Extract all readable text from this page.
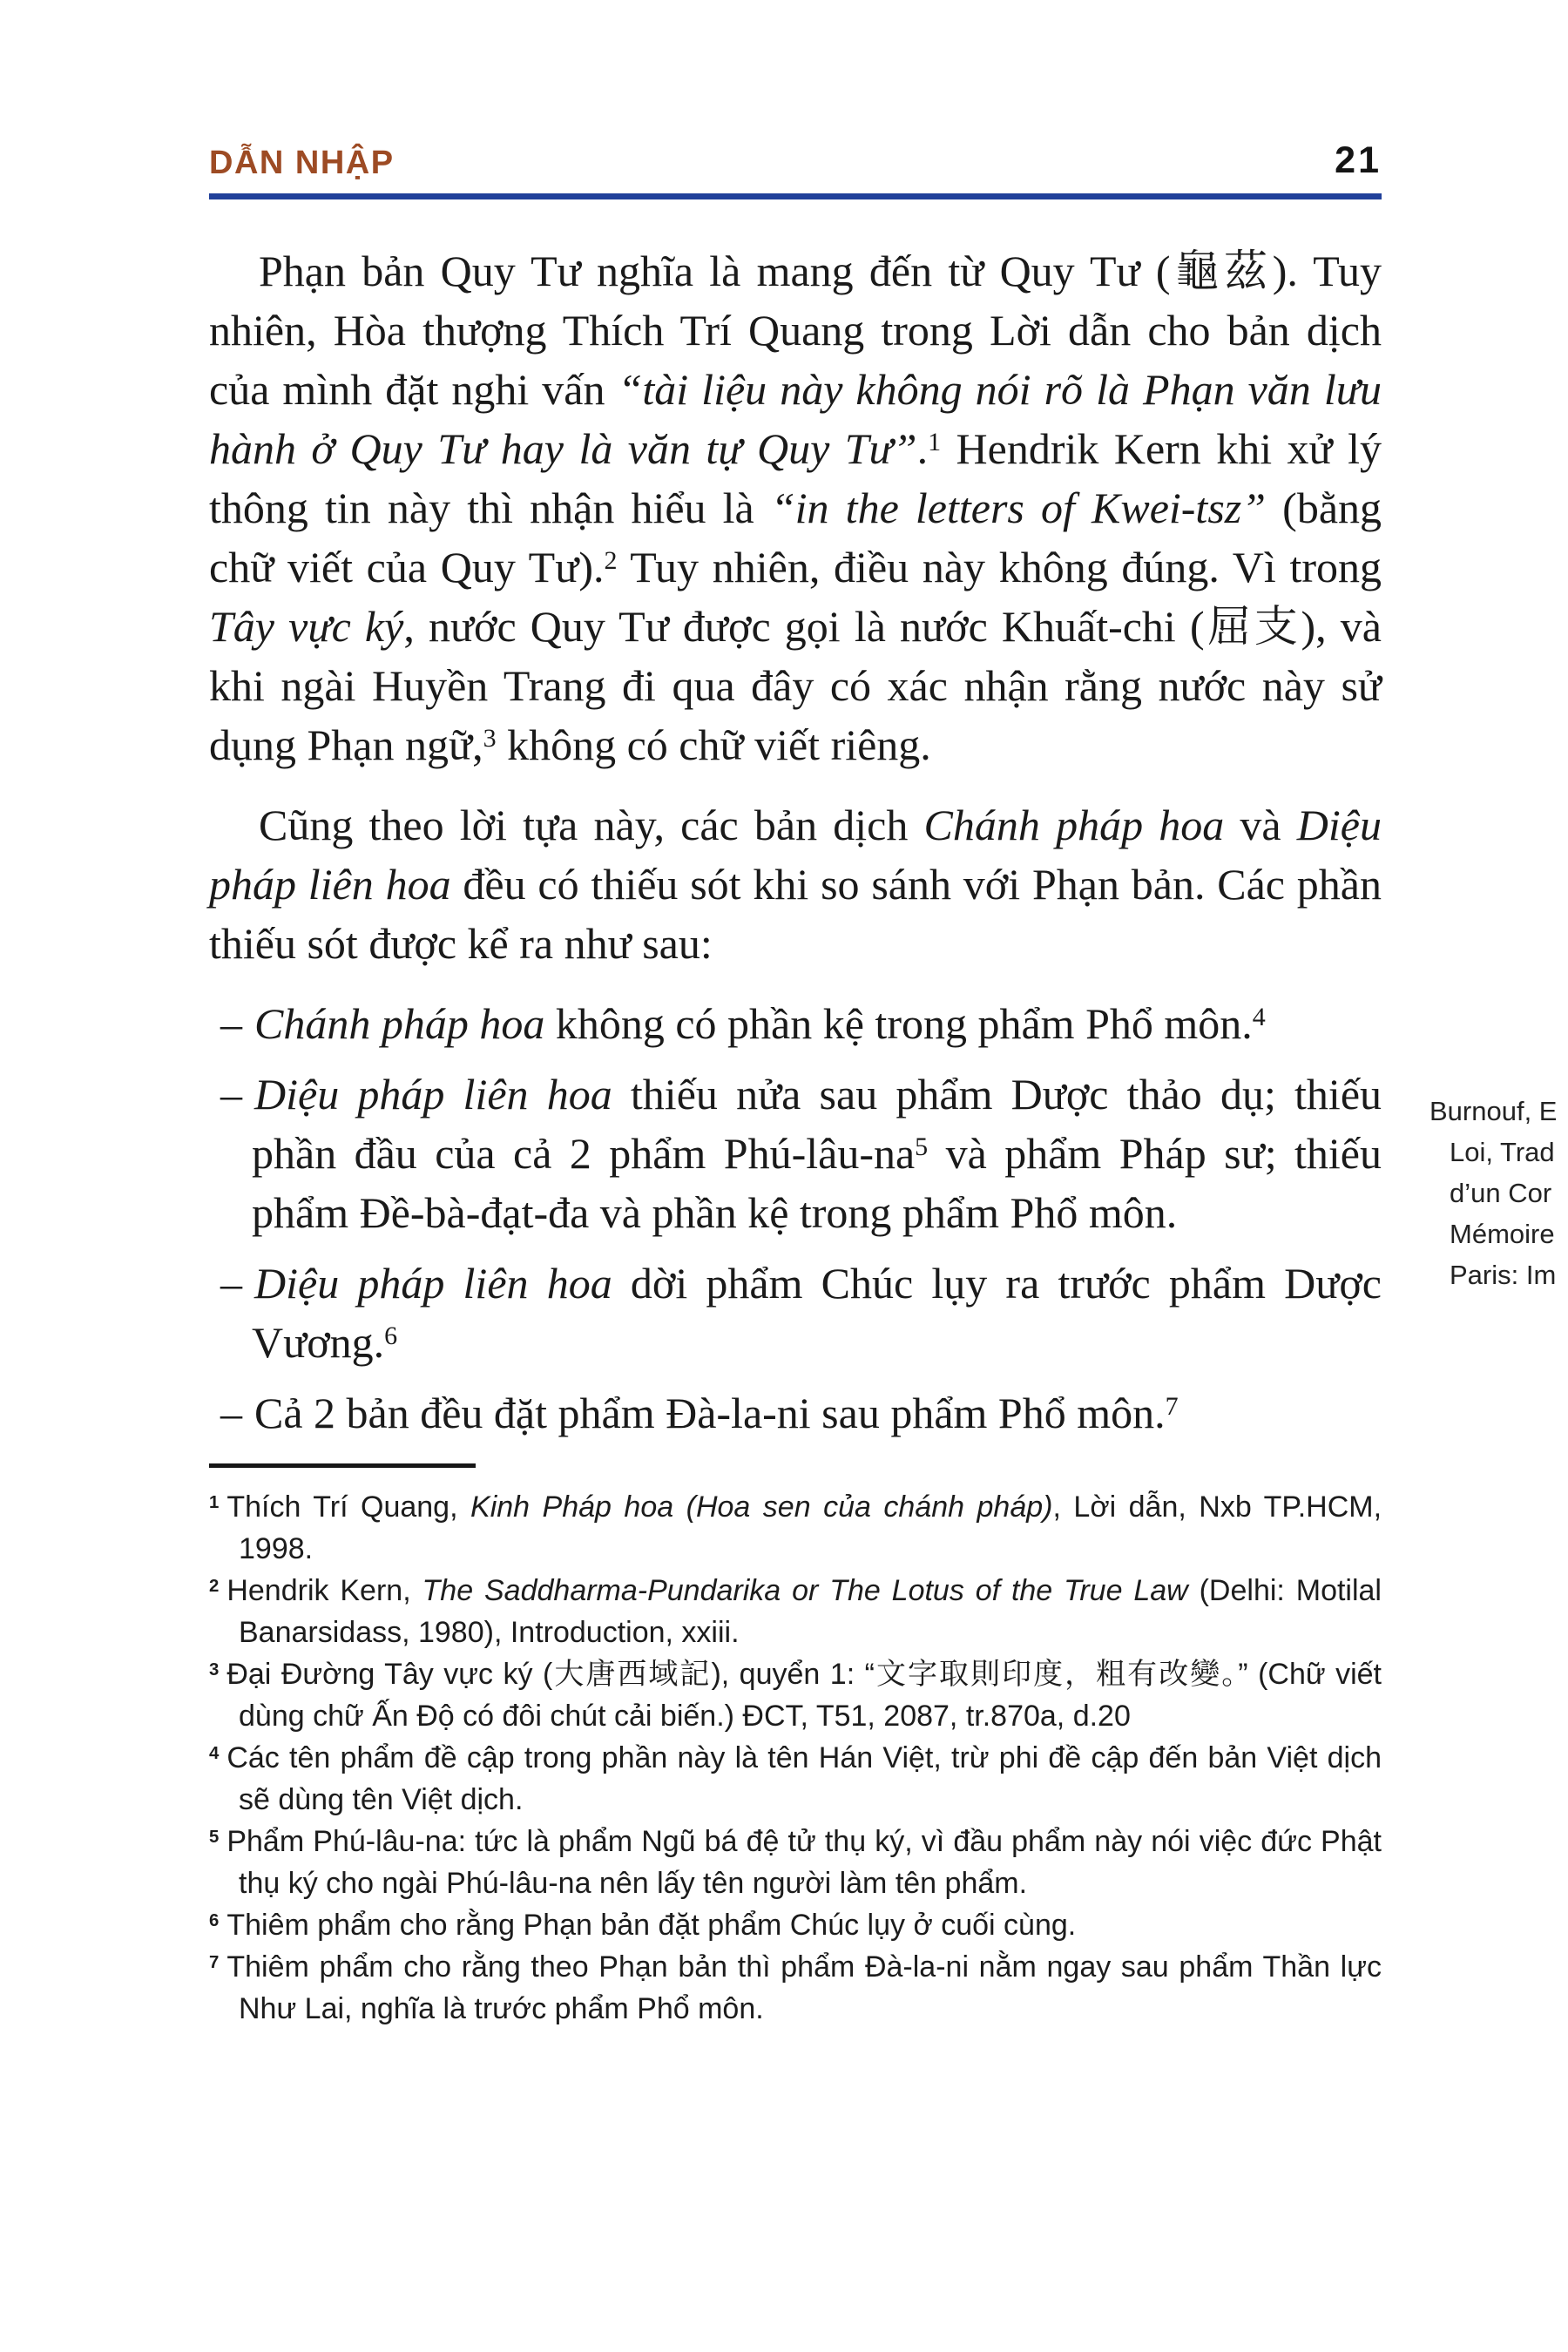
DẪN NHẬP	21

Phạn bản Quy Tư nghĩa là mang đến từ Quy Tư (龜茲). Tuy nhiên, Hòa thượng Thích Trí Quang trong Lời dẫn cho bản dịch của mình đặt nghi vấn “tài liệu này không nói rõ là Phạn văn lưu hành ở Quy Tư hay là văn tự Quy Tư”.$^1$ Hendrik Kern khi xử lý thông tin này thì nhận hiểu là “in the letters of Kwei-tsz” (bằng chữ viết của Quy Tư).$^2$ Tuy nhiên, điều này không đúng. Vì trong Tây vực ký, nước Quy Tư được gọi là nước Khuất-chi (屈支), và khi ngài Huyền Trang đi qua đây có xác nhận rằng nước này sử dụng Phạn ngữ,$^3$ không có chữ viết riêng.

Cũng theo lời tựa này, các bản dịch Chánh pháp hoa và Diệu pháp liên hoa đều có thiếu sót khi so sánh với Phạn bản. Các phần thiếu sót được kể ra như sau:

– Chánh pháp hoa không có phần kệ trong phẩm Phổ môn.$^4$
– Diệu pháp liên hoa thiếu nửa sau phẩm Dược thảo dụ; thiếu phần đầu của cả 2 phẩm Phú-$lâu-na^5$ và phẩm Pháp sư; thiếu phẩm Đề-bà-đạt-đa và phần kệ trong phẩm Phổ môn.
– Diệu pháp liên hoa dời phẩm Chúc lụy ra trước phẩm Dược Vương.$^6$
– Cả 2 bản đều đặt phẩm Đà-la-ni sau phẩm Phổ môn.$^7$

$^1$ Thích Trí Quang, Kinh Pháp hoa (Hoa sen của chánh pháp), Lời dẫn, Nxb TP.HCM, 1998.

$^2$ Hendrik Kern, The Saddharma-Pundarika or The Lotus of the True Law (Delhi: Motilal Banarsidass, 1980), Introduction, xxiii.

$^3$ Đại Đường Tây vực ký (大唐西域記), quyển 1: “文字取則印度，粗有改變。” (Chữ viết dùng chữ Ấn Độ có đôi chút cải biến.) ĐCT, T51, 2087, tr.870a, d.20

$^4$ Các tên phẩm đề cập trong phần này là tên Hán Việt, trừ phi đề cập đến bản Việt dịch sẽ dùng tên Việt dịch.

$^5$ Phẩm Phú-lâu-na: tức là phẩm Ngũ bá đệ tử thụ ký, vì đầu phẩm này nói việc đức Phật thụ ký cho ngài Phú-lâu-na nên lấy tên người làm tên phẩm.

$^6$ Thiêm phẩm cho rằng Phạn bản đặt phẩm Chúc lụy ở cuối cùng.

$^7$ Thiêm phẩm cho rằng theo Phạn bản thì phẩm Đà-la-ni nằm ngay sau phẩm Thần lực Như Lai, nghĩa là trước phẩm Phổ môn.

Burnouf, E
Loi, Trad
d’un Cor
Mémoire
Paris: Im
